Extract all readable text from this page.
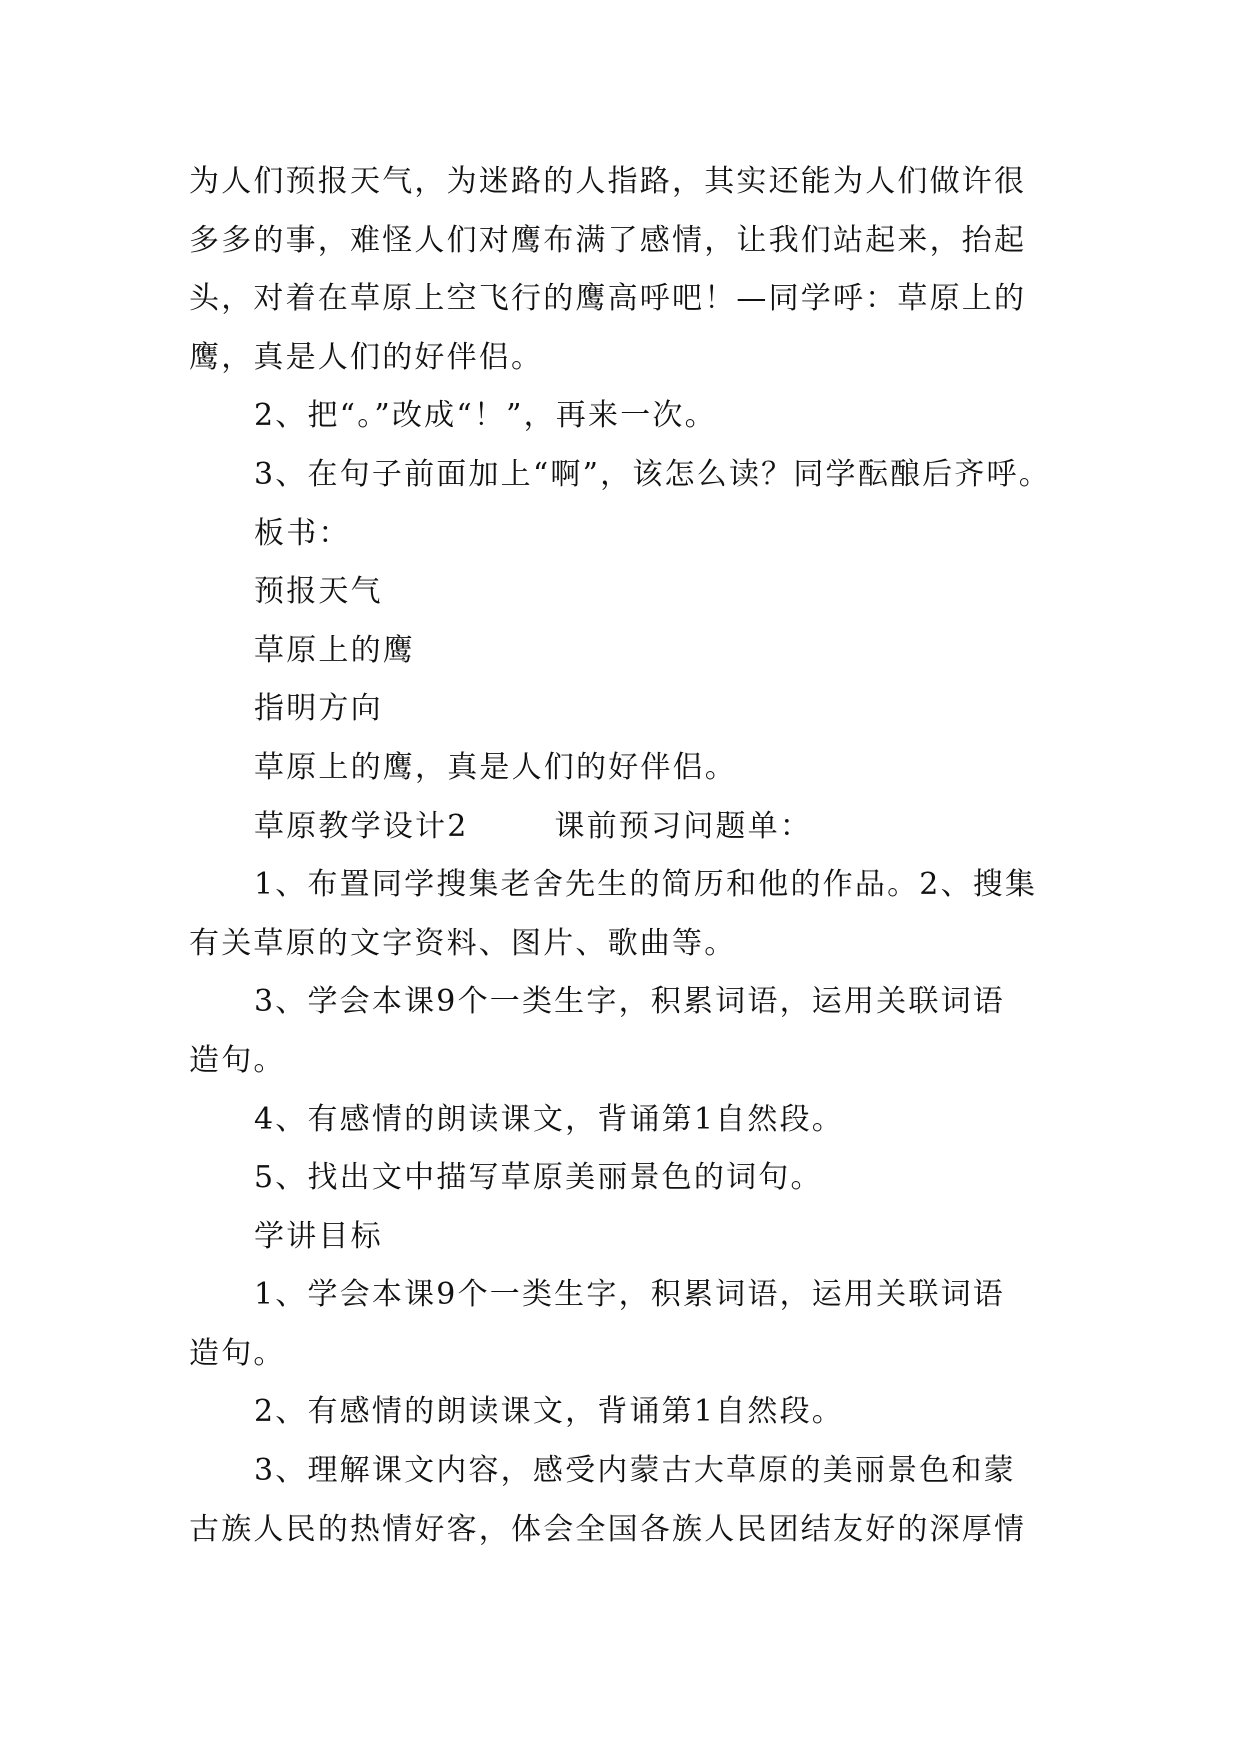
为人们预报天气，为迷路的人指路，其实还能为人们做许很
多多的事，难怪人们对鹰布满了感情，让我们站起来，抬起
头，对着在草原上空飞行的鹰高呼吧！—同学呼：草原上的
鹰，真是人们的好伴侣。
2、把“。”改成“！”，再来一次。
3、在句子前面加上“啊”，该怎么读？同学酝酿后齐呼。
板书：
预报天气
草原上的鹰
指明方向
草原上的鹰，真是人们的好伴侣。
草原教学设计2	课前预习问题单：
1、布置同学搜集老舍先生的简历和他的作品。2、搜集
有关草原的文字资料、图片、歌曲等。
3、学会本课9个一类生字，积累词语，运用关联词语
造句。
4、有感情的朗读课文，背诵第1自然段。
5、找出文中描写草原美丽景色的词句。
学讲目标
1、学会本课9个一类生字，积累词语，运用关联词语
造句。
2、有感情的朗读课文，背诵第1自然段。
3、理解课文内容，感受内蒙古大草原的美丽景色和蒙
古族人民的热情好客，体会全国各族人民团结友好的深厚情
